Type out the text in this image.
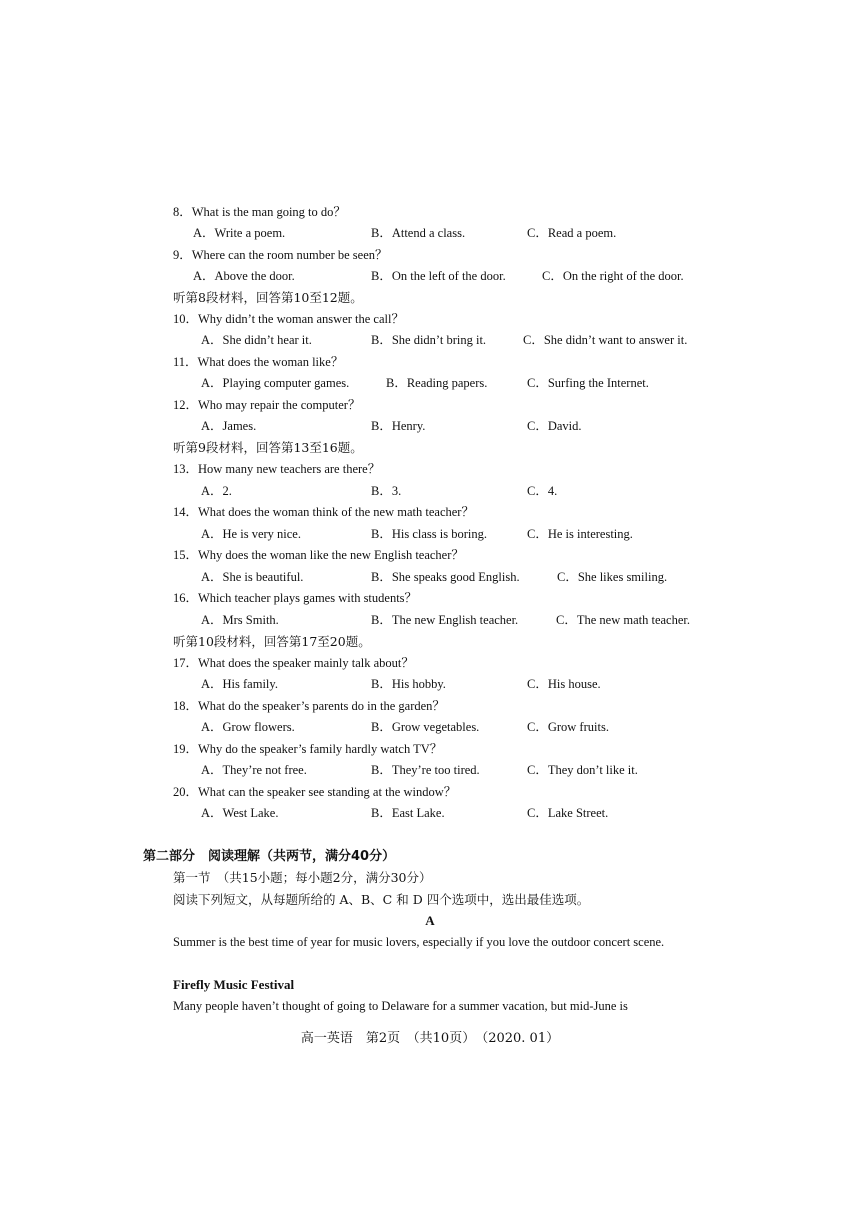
8．What is the man going to do？
A．Write a poem.	B．Attend a class.	C．Read a poem.
9．Where can the room number be seen？
A．Above the door.	B．On the left of the door.	C．On the right of the door.
听第8段材料，回答第10至12题。
10．Why didn’t the woman answer the call？
A．She didn’t hear it.	B．She didn’t bring it.	C．She didn’t want to answer it.
11．What does the woman like？
A．Playing computer games.	B．Reading papers.	C．Surfing the Internet.
12．Who may repair the computer？
A．James.	B．Henry.	C．David.
听第9段材料，回答第13至16题。
13．How many new teachers are there？
A．2.	B．3.	C．4.
14．What does the woman think of the new math teacher？
A．He is very nice.	B．His class is boring.	C．He is interesting.
15．Why does the woman like the new English teacher？
A．She is beautiful.	B．She speaks good English.	C．She likes smiling.
16．Which teacher plays games with students？
A．Mrs Smith.	B．The new English teacher.	C．The new math teacher.
听第10段材料，回答第17至20题。
17．What does the speaker mainly talk about？
A．His family.	B．His hobby.	C．His house.
18．What do the speaker’s parents do in the garden？
A．Grow flowers.	B．Grow vegetables.	C．Grow fruits.
19．Why do the speaker’s family hardly watch TV？
A．They’re not free.	B．They’re too tired.	C．They don’t like it.
20．What can the speaker see standing at the window？
A．West Lake.	B．East Lake.	C．Lake Street.
第二部分　阅读理解（共两节，满分40分）
第一节　（共15小题；每小题2分，满分30分）
阅读下列短文，从每题所给的 A、B、C 和 D 四个选项中，选出最佳选项。
A
Summer is the best time of year for music lovers, especially if you love the outdoor concert scene.
Firefly Music Festival
Many people haven’t thought of going to Delaware for a summer vacation, but mid-June is
高一英语　第2页　（共10页）　（2020. 01）
